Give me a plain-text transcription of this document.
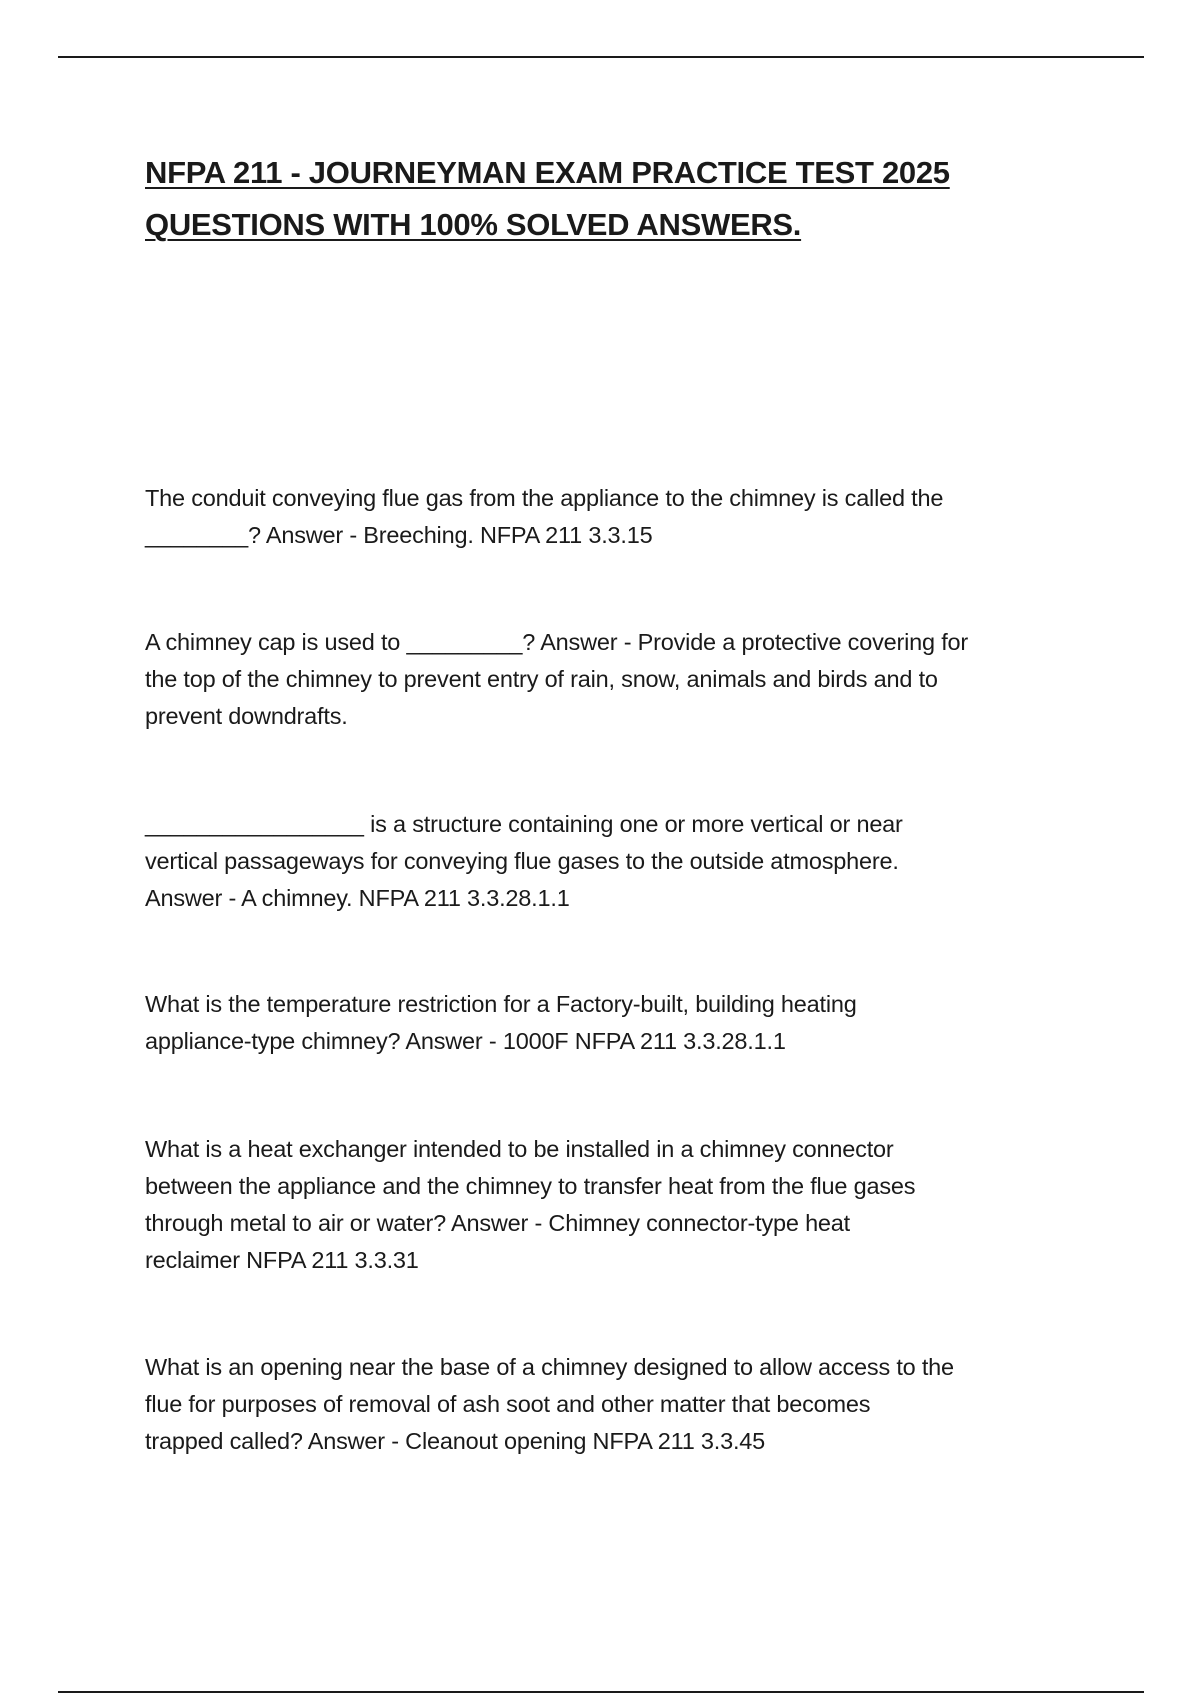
NFPA 211 - JOURNEYMAN EXAM PRACTICE TEST 2025
QUESTIONS WITH 100% SOLVED ANSWERS.

The conduit conveying flue gas from the appliance to the chimney is called the
________? Answer - Breeching. NFPA 211 3.3.15

A chimney cap is used to _________? Answer - Provide a protective covering for
the top of the chimney to prevent entry of rain, snow, animals and birds and to
prevent downdrafts.

_________________ is a structure containing one or more vertical or near
vertical passageways for conveying flue gases to the outside atmosphere.
Answer - A chimney. NFPA 211 3.3.28.1.1

What is the temperature restriction for a Factory-built, building heating
appliance-type chimney? Answer - 1000F NFPA 211 3.3.28.1.1

What is a heat exchanger intended to be installed in a chimney connector
between the appliance and the chimney to transfer heat from the flue gases
through metal to air or water? Answer - Chimney connector-type heat
reclaimer NFPA 211 3.3.31

What is an opening near the base of a chimney designed to allow access to the
flue for purposes of removal of ash soot and other matter that becomes
trapped called? Answer - Cleanout opening NFPA 211 3.3.45
